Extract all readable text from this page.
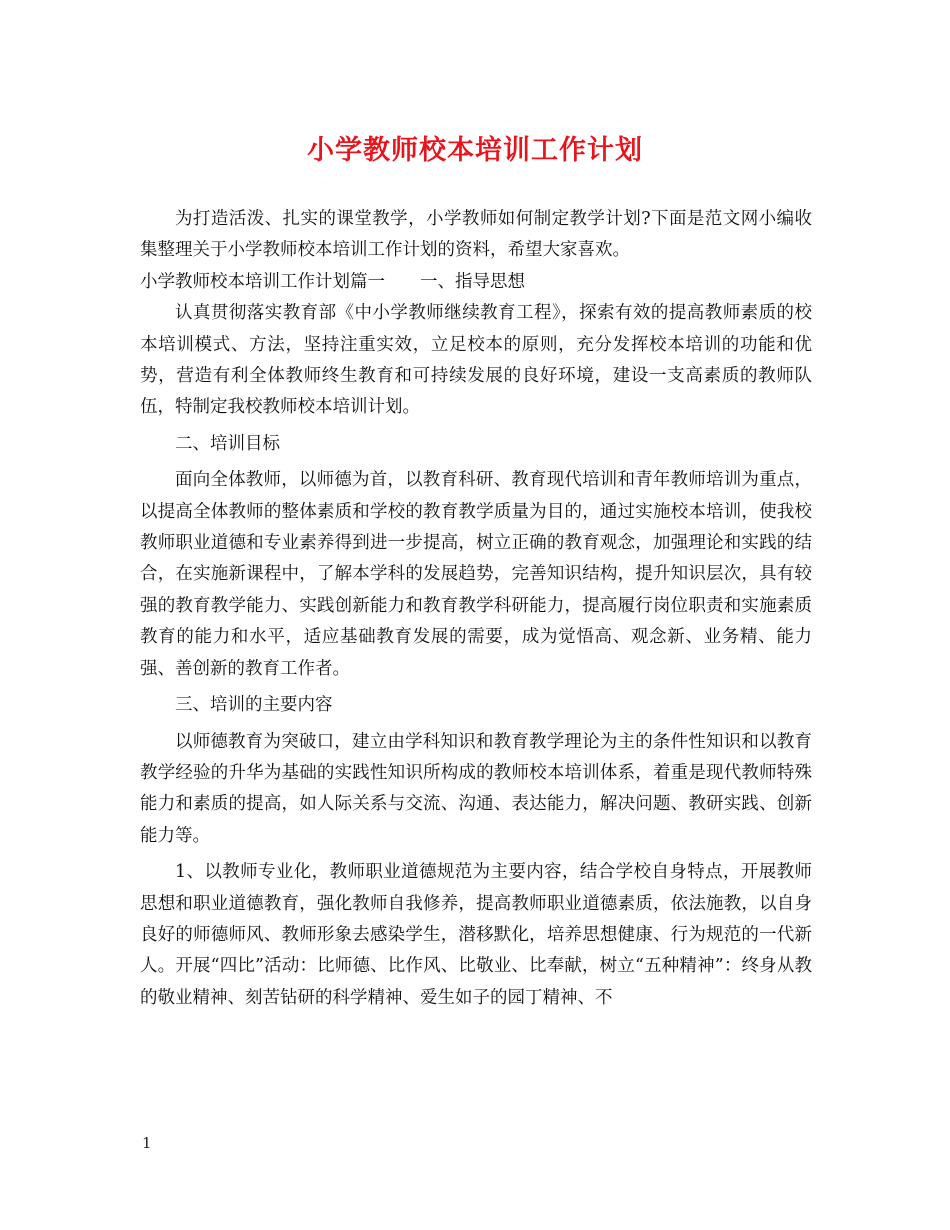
小学教师校本培训工作计划

为打造活泼、扎实的课堂教学，小学教师如何制定教学计划?下面是范文网小编收集整理关于小学教师校本培训工作计划的资料，希望大家喜欢。

小学教师校本培训工作计划篇一　　一、指导思想

认真贯彻落实教育部《中小学教师继续教育工程》，探索有效的提高教师素质的校本培训模式、方法，坚持注重实效，立足校本的原则，充分发挥校本培训的功能和优势，营造有利全体教师终生教育和可持续发展的良好环境，建设一支高素质的教师队伍，特制定我校教师校本培训计划。

二、培训目标

面向全体教师，以师德为首，以教育科研、教育现代培训和青年教师培训为重点，以提高全体教师的整体素质和学校的教育教学质量为目的，通过实施校本培训，使我校教师职业道德和专业素养得到进一步提高，树立正确的教育观念，加强理论和实践的结合，在实施新课程中，了解本学科的发展趋势，完善知识结构，提升知识层次，具有较强的教育教学能力、实践创新能力和教育教学科研能力，提高履行岗位职责和实施素质教育的能力和水平，适应基础教育发展的需要，成为觉悟高、观念新、业务精、能力强、善创新的教育工作者。

三、培训的主要内容

以师德教育为突破口，建立由学科知识和教育教学理论为主的条件性知识和以教育教学经验的升华为基础的实践性知识所构成的教师校本培训体系，着重是现代教师特殊能力和素质的提高，如人际关系与交流、沟通、表达能力，解决问题、教研实践、创新能力等。

1、以教师专业化，教师职业道德规范为主要内容，结合学校自身特点，开展教师思想和职业道德教育，强化教师自我修养，提高教师职业道德素质，依法施教，以自身良好的师德师风、教师形象去感染学生，潜移默化，培养思想健康、行为规范的一代新人。开展“四比”活动：比师德、比作风、比敬业、比奉献，树立“五种精神”：终身从教的敬业精神、刻苦钻研的科学精神、爱生如子的园丁精神、不

1
